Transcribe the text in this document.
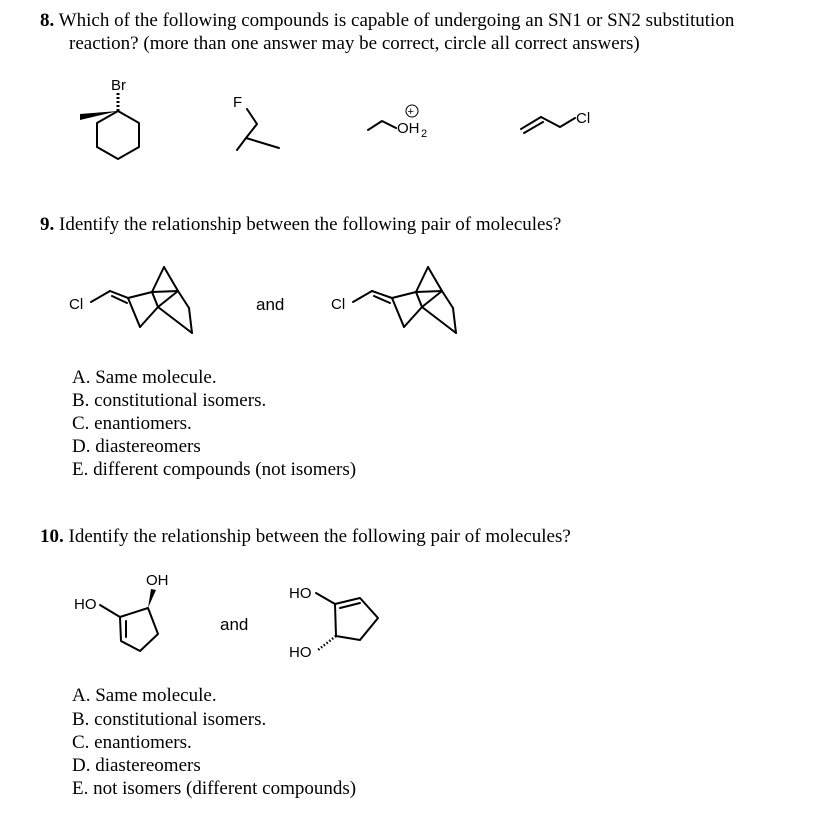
8. Which of the following compounds is capable of undergoing an SN1 or SN2 substitution
reaction? (more than one answer may be correct, circle all correct answers)
Br
F
+
OH 2
Cl
9. Identify the relationship between the following pair of molecules?
Cl	and	Cl
A. Same molecule.
B. constitutional isomers.
C. enantiomers.
D. diastereomers
E. different compounds (not isomers)
10. Identify the relationship between the following pair of molecules?
OH
HO
and
HO
HO
A. Same molecule.
B. constitutional isomers.
C. enantiomers.
D. diastereomers
E. not isomers (different compounds)
